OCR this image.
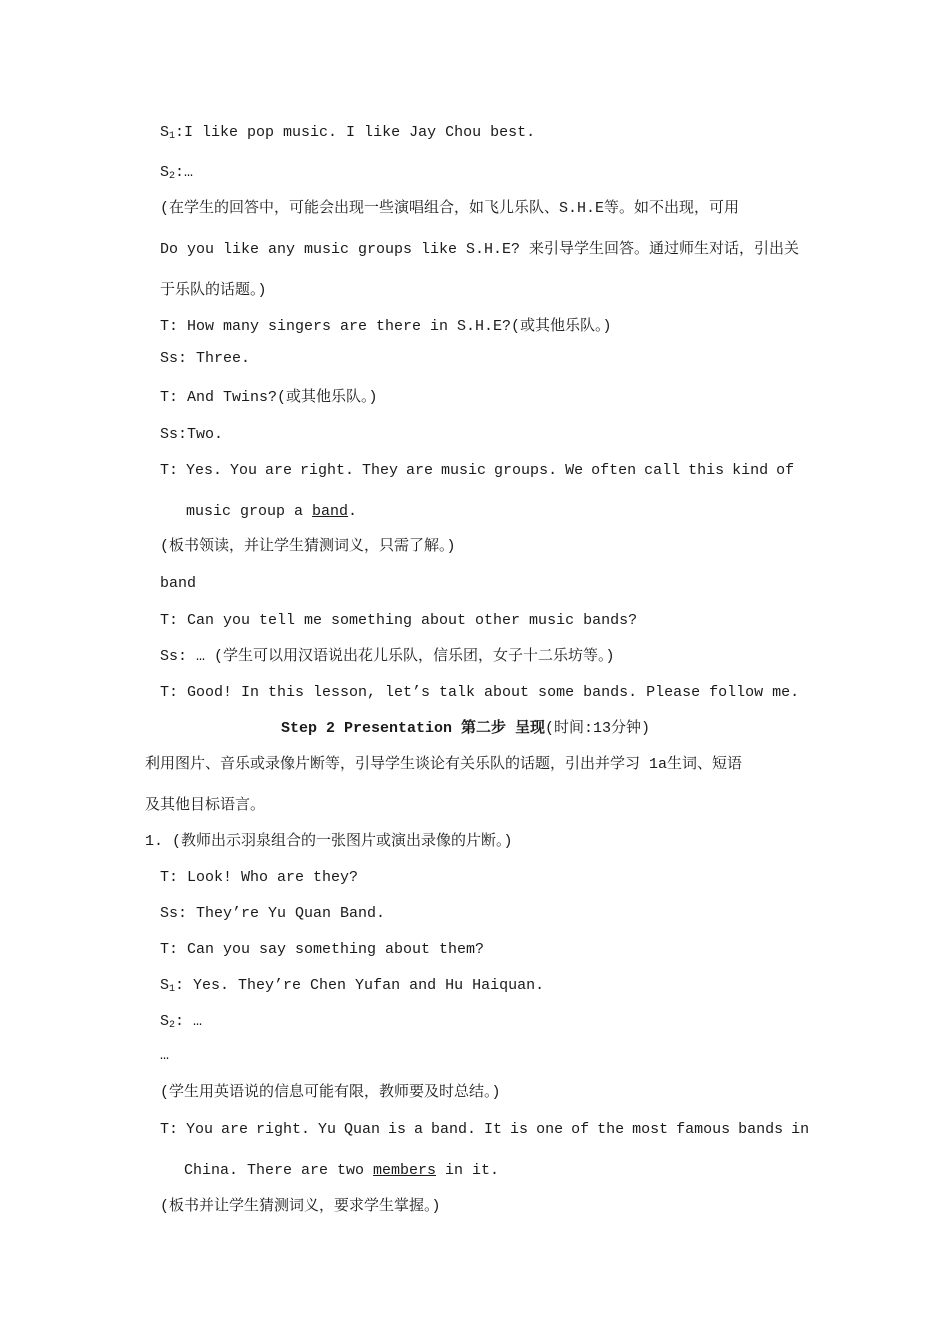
$S_1:I$ like pop music. I like Jay Chou best.
$S_2:\dots$
(在学生的回答中，可能会出现一些演唱组合，如飞儿乐队、S.H.E等。如不出现，可用
Do you like any music groups like S.H.E? 来引导学生回答。通过师生对话，引出关
于乐队的话题。)
T: How many singers are there in S.H.E?(或其他乐队。)
Ss: Three.
T: And Twins?(或其他乐队。)
Ss:Two.
T: Yes. You are right. They are music groups. We often call this kind of
music group a band.
(板书领读，并让学生猜测词义，只需了解。)
band
T: Can you tell me something about other music bands?
Ss: … (学生可以用汉语说出花儿乐队，信乐团，女子十二乐坊等。)
T: Good! In this lesson, let’s talk about some bands. Please follow me.
Step 2 Presentation 第二步 呈现(时间:13分钟)
利用图片、音乐或录像片断等，引导学生谈论有关乐队的话题，引出并学习 1a生词、短语
及其他目标语言。
1. (教师出示羽泉组合的一张图片或演出录像的片断。)
T: Look! Who are they?
Ss: They’re Yu Quan Band.
T: Can you say something about them?
$S_1$: Yes. They’re Chen Yufan and Hu Haiquan.
$S_2$: …
…
(学生用英语说的信息可能有限，教师要及时总结。)
T: You are right. Yu Quan is a band. It is one of the most famous bands in
China. There are two members in it.
(板书并让学生猜测词义，要求学生掌握。)
